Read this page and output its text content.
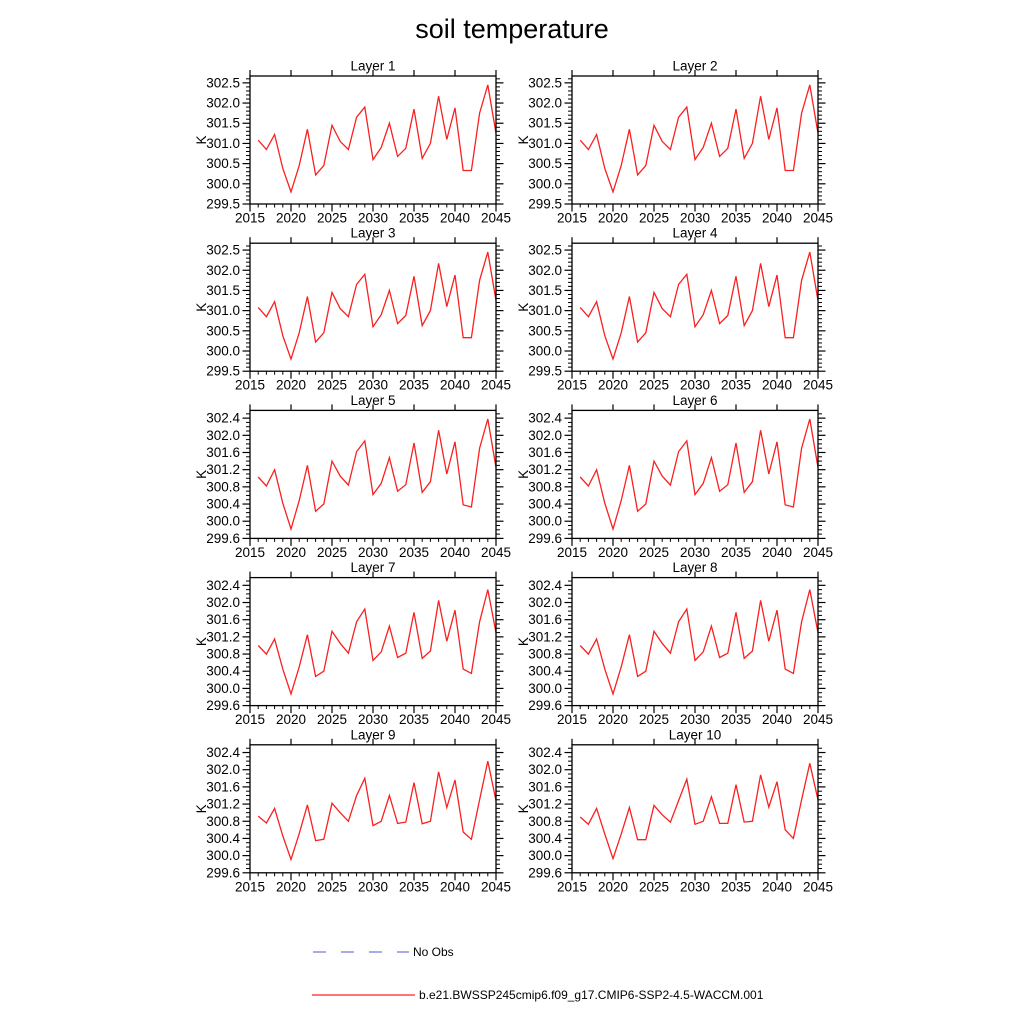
soil temperature
Layer 1
K
299.5
300.0
300.5
301.0
301.5
302.0
302.5
2015 2020 2025 2030 2035 2040 2045
Layer 2
K
299.5
300.0
300.5
301.0
301.5
302.0
302.5
2015 2020 2025 2030 2035 2040 2045
Layer 3
K
299.5
300.0
300.5
301.0
301.5
302.0
302.5
2015 2020 2025 2030 2035 2040 2045
Layer 4
K
299.5
300.0
300.5
301.0
301.5
302.0
302.5
2015 2020 2025 2030 2035 2040 2045
Layer 5
K
299.6
300.0
300.4
300.8
301.2
301.6
302.0
302.4
2015 2020 2025 2030 2035 2040 2045
Layer 6
K
299.6
300.0
300.4
300.8
301.2
301.6
302.0
302.4
2015 2020 2025 2030 2035 2040 2045
Layer 7
K
299.6
300.0
300.4
300.8
301.2
301.6
302.0
302.4
2015 2020 2025 2030 2035 2040 2045
Layer 8
K
299.6
300.0
300.4
300.8
301.2
301.6
302.0
302.4
2015 2020 2025 2030 2035 2040 2045
Layer 9
K
299.6
300.0
300.4
300.8
301.2
301.6
302.0
302.4
2015 2020 2025 2030 2035 2040 2045
Layer 10
K
299.6
300.0
300.4
300.8
301.2
301.6
302.0
302.4
2015 2020 2025 2030 2035 2040 2045
No Obs
b.e21.BWSSP245cmip6.f09_g17.CMIP6-SSP2-4.5-WACCM.001
